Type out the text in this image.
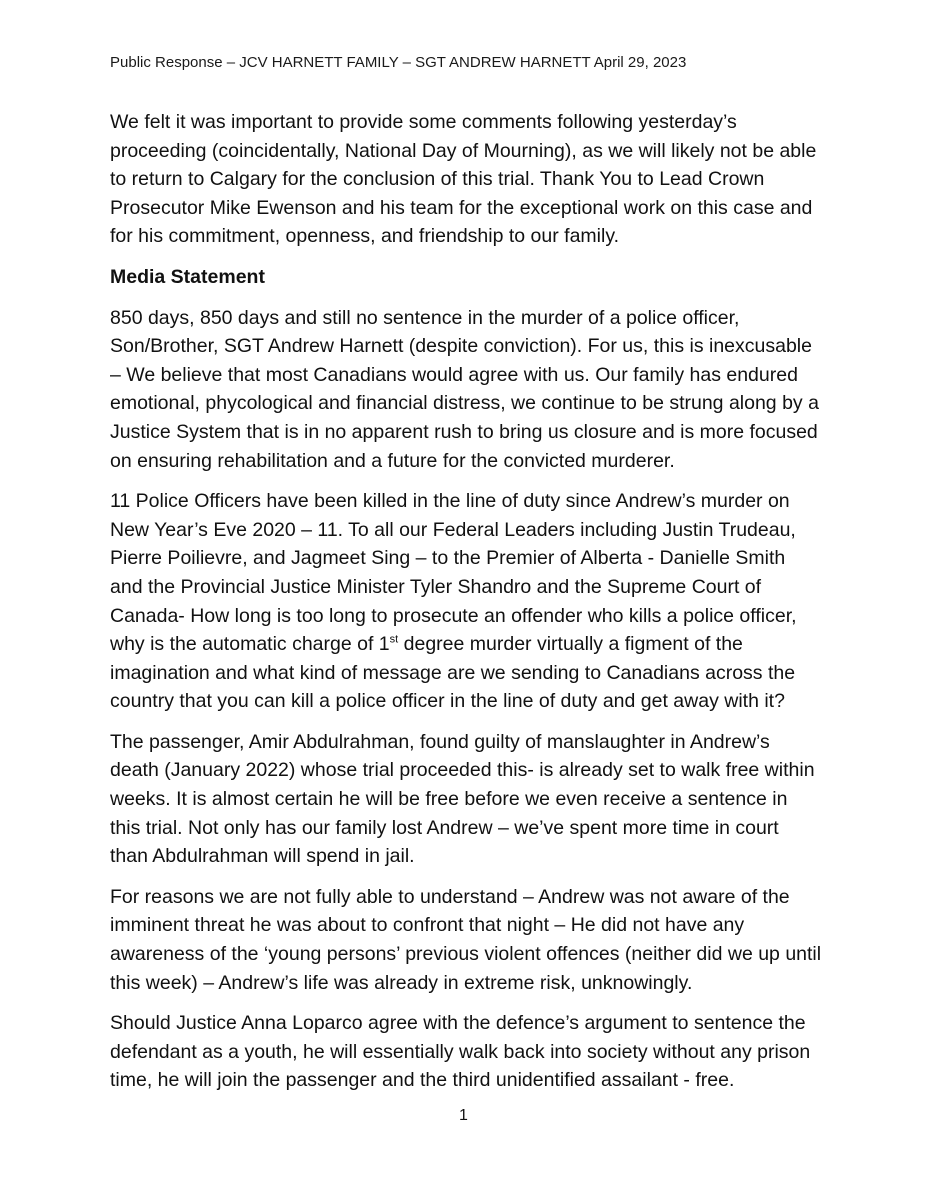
Public Response – JCV HARNETT FAMILY – SGT ANDREW HARNETT April 29, 2023

We felt it was important to provide some comments following yesterday’s proceeding (coincidentally, National Day of Mourning), as we will likely not be able to return to Calgary for the conclusion of this trial. Thank You to Lead Crown Prosecutor Mike Ewenson and his team for the exceptional work on this case and for his commitment, openness, and friendship to our family.

Media Statement

850 days, 850 days and still no sentence in the murder of a police officer, Son/Brother, SGT Andrew Harnett (despite conviction). For us, this is inexcusable – We believe that most Canadians would agree with us. Our family has endured emotional, phycological and financial distress, we continue to be strung along by a Justice System that is in no apparent rush to bring us closure and is more focused on ensuring rehabilitation and a future for the convicted murderer.

11 Police Officers have been killed in the line of duty since Andrew’s murder on New Year’s Eve 2020 – 11. To all our Federal Leaders including Justin Trudeau, Pierre Poilievre, and Jagmeet Sing – to the Premier of Alberta - Danielle Smith and the Provincial Justice Minister Tyler Shandro and the Supreme Court of Canada- How long is too long to prosecute an offender who kills a police officer, why is the automatic charge of 1st degree murder virtually a figment of the imagination and what kind of message are we sending to Canadians across the country that you can kill a police officer in the line of duty and get away with it?

The passenger, Amir Abdulrahman, found guilty of manslaughter in Andrew’s death (January 2022) whose trial proceeded this- is already set to walk free within weeks. It is almost certain he will be free before we even receive a sentence in this trial. Not only has our family lost Andrew – we’ve spent more time in court than Abdulrahman will spend in jail.

For reasons we are not fully able to understand – Andrew was not aware of the imminent threat he was about to confront that night – He did not have any awareness of the ‘young persons’ previous violent offences (neither did we up until this week) – Andrew’s life was already in extreme risk, unknowingly.

Should Justice Anna Loparco agree with the defence’s argument to sentence the defendant as a youth, he will essentially walk back into society without any prison time, he will join the passenger and the third unidentified assailant - free.

1
